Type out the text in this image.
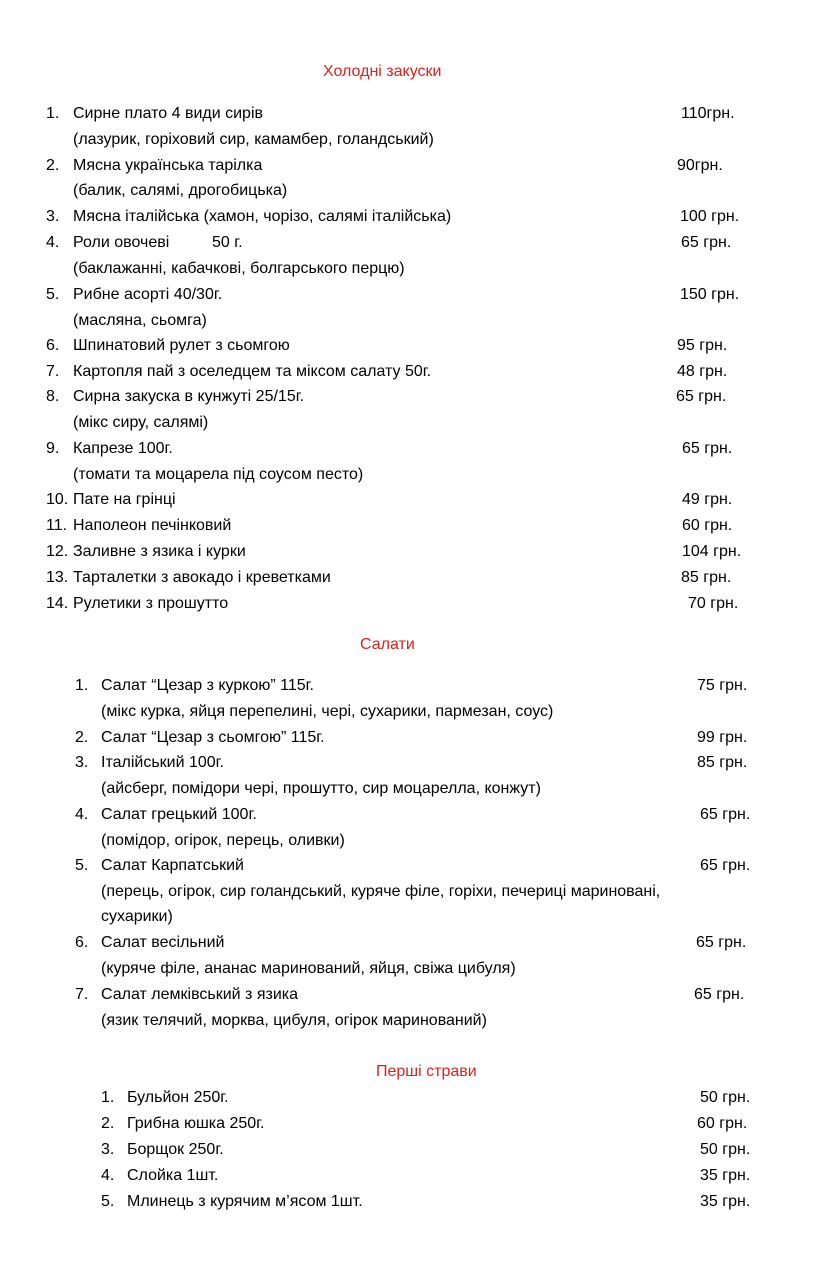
Холодні закуски
1. Сирне плато 4 види сирів	110грн.
(лазурик, горіховий сир, камамбер, голандський)
2. Мясна українська тарілка	90грн.
(балик, салямі, дрогобицька)
3. Мясна італійська (хамон, чорізо, салямі італійська)	100 грн.
4. Роли овочеві	50 г.	65 грн.
(баклажанні, кабачкові, болгарського перцю)
5. Рибне асорті 40/30г.	150 грн.
(масляна, сьомга)
6. Шпинатовий рулет з сьомгою	95 грн.
7. Картопля пай з оселедцем та міксом салату 50г.	48 грн.
8. Сирна закуска в кунжуті 25/15г.	65 грн.
(мікс сиру, салямі)
9. Капрезе 100г.	65 грн.
(томати та моцарела під соусом песто)
10. Пате на грінці	49 грн.
11. Наполеон печінковий	60 грн.
12. Заливне з язика і курки	104 грн.
13. Тарталетки з авокадо і креветками	85 грн.
14. Рулетики з прошутто	70 грн.
Салати
1. Салат “Цезар з куркою” 115г.	75 грн.
(мікс курка, яйця перепелині, чері, сухарики, пармезан, соус)
2. Салат “Цезар з сьомгою” 115г.	99 грн.
3. Італійський 100г.	85 грн.
(айсберг, помідори чері, прошутто, сир моцарелла, конжут)
4. Салат грецький 100г.	65 грн.
(помідор, огірок, перець, оливки)
5. Салат Карпатський	65 грн.
(перець, огірок, сир голандський, куряче філе, горіхи, печериці мариновані,
сухарики)
6. Салат весільний	65 грн.
(куряче філе, ананас маринований, яйця, свіжа цибуля)
7. Салат лемківський з язика	65 грн.
(язик телячий, морква, цибуля, огірок маринований)
Перші страви
1. Бульйон 250г.	50 грн.
2. Грибна юшка 250г.	60 грн.
3. Борщок 250г.	50 грн.
4. Слойка 1шт.	35 грн.
5. Млинець з курячим м’ясом 1шт.	35 грн.
